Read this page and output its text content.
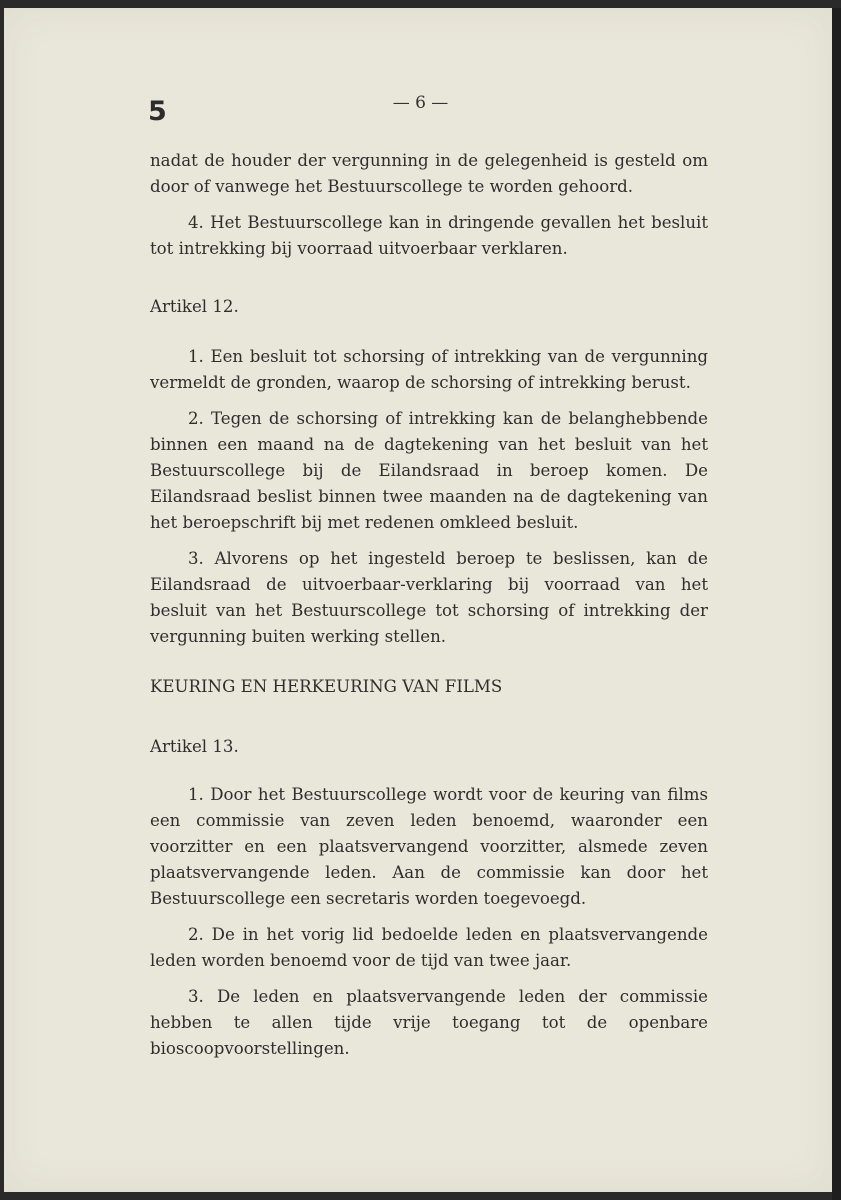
5	— 6 —

nadat de houder der vergunning in de gelegenheid is gesteld om door of vanwege het Bestuurscollege te worden gehoord.

4. Het Bestuurscollege kan in dringende gevallen het besluit tot intrekking bij voorraad uitvoerbaar verklaren.

Artikel 12.

1. Een besluit tot schorsing of intrekking van de vergunning vermeldt de gronden, waarop de schorsing of intrekking berust.

2. Tegen de schorsing of intrekking kan de belanghebbende binnen een maand na de dagtekening van het besluit van het Bestuurscollege bij de Eilandsraad in beroep komen. De Eilandsraad beslist binnen twee maanden na de dagtekening van het beroepschrift bij met redenen omkleed besluit.

3. Alvorens op het ingesteld beroep te beslissen, kan de Eilandsraad de uitvoerbaar-verklaring bij voorraad van het besluit van het Bestuurscollege tot schorsing of intrekking der vergunning buiten werking stellen.

KEURING EN HERKEURING VAN FILMS

Artikel 13.

1. Door het Bestuurscollege wordt voor de keuring van films een commissie van zeven leden benoemd, waaronder een voorzitter en een plaatsvervangend voorzitter, alsmede zeven plaatsvervangende leden. Aan de commissie kan door het Bestuurscollege een secretaris worden toegevoegd.

2. De in het vorig lid bedoelde leden en plaatsvervangende leden worden benoemd voor de tijd van twee jaar.

3. De leden en plaatsvervangende leden der commissie hebben te allen tijde vrije toegang tot de openbare bioscoopvoorstellingen.
